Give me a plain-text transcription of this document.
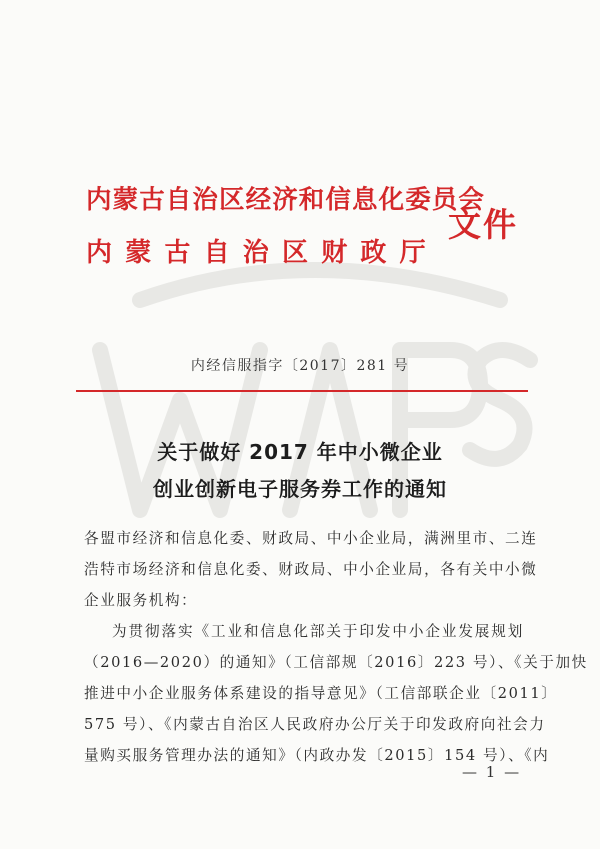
内蒙古自治区经济和信息化委员会
内蒙古自治区财政厅
文件
内经信服指字〔2017〕281 号
关于做好 2017 年中小微企业
创业创新电子服务券工作的通知
各盟市经济和信息化委、财政局、中小企业局，满洲里市、二连
浩特市场经济和信息化委、财政局、中小企业局，各有关中小微
企业服务机构：
为贯彻落实《工业和信息化部关于印发中小企业发展规划
（2016—2020）的通知》（工信部规〔2016〕223 号）、《关于加快
推进中小企业服务体系建设的指导意见》（工信部联企业〔2011〕
575 号）、《内蒙古自治区人民政府办公厅关于印发政府向社会力
量购买服务管理办法的通知》（内政办发〔2015〕154 号）、《内
— 1 —
